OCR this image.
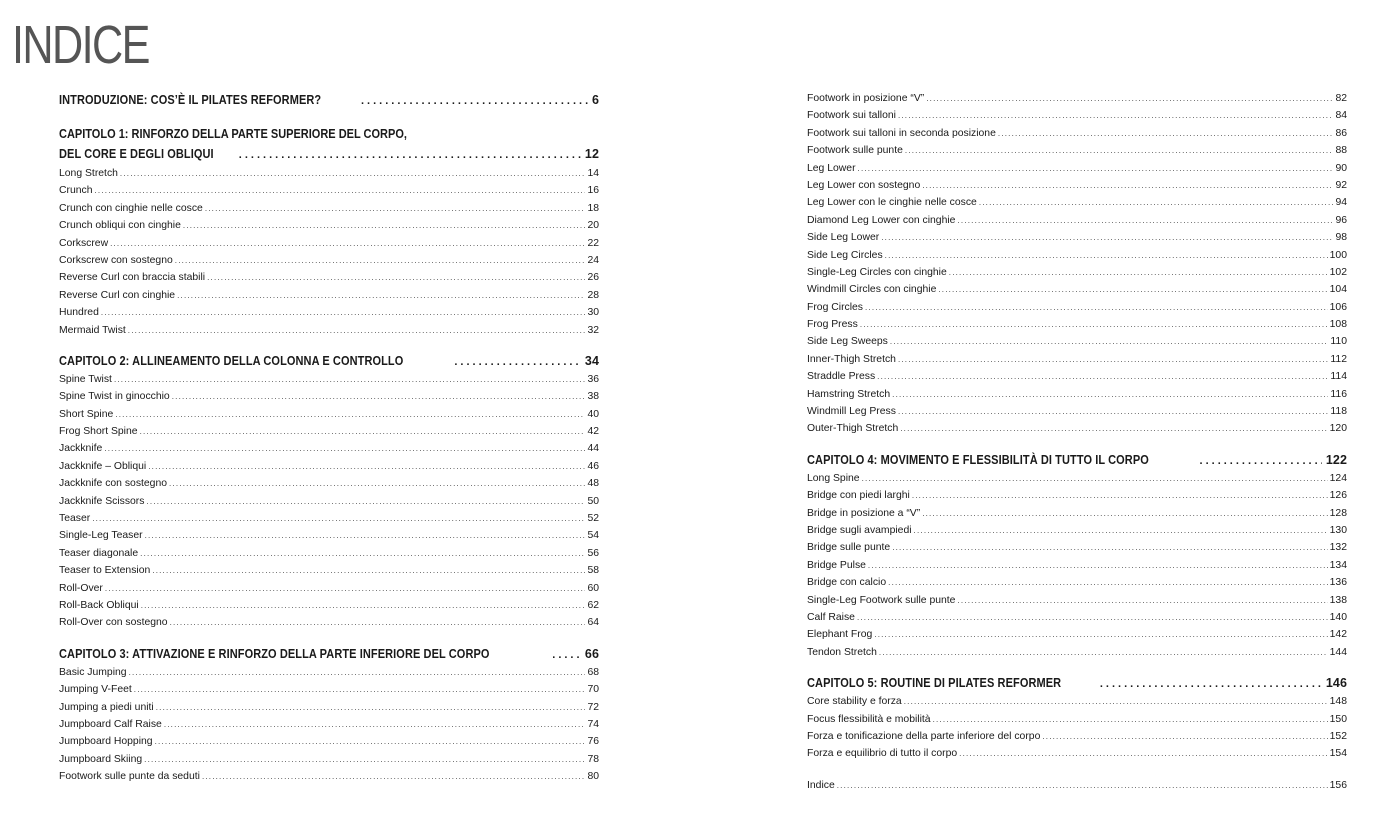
INDICE
INTRODUZIONE: COS’È IL PILATES REFORMER? .....	6
CAPITOLO 1: RINFORZO DELLA PARTE SUPERIORE DEL CORPO,
DEL CORE E DEGLI OBLIQUI .....	12
Long Stretch .....	14
Crunch .....	16
Crunch con cinghie nelle cosce .....	18
Crunch obliqui con cinghie .....	20
Corkscrew .....	22
Corkscrew con sostegno .....	24
Reverse Curl con braccia stabili .....	26
Reverse Curl con cinghie .....	28
Hundred .....	30
Mermaid Twist .....	32
CAPITOLO 2: ALLINEAMENTO DELLA COLONNA E CONTROLLO .....	34
Spine Twist .....	36
Spine Twist in ginocchio .....	38
Short Spine .....	40
Frog Short Spine .....	42
Jackknife .....	44
Jackknife – Obliqui .....	46
Jackknife con sostegno .....	48
Jackknife Scissors .....	50
Teaser .....	52
Single-Leg Teaser .....	54
Teaser diagonale .....	56
Teaser to Extension .....	58
Roll-Over .....	60
Roll-Back Obliqui .....	62
Roll-Over con sostegno .....	64
CAPITOLO 3: ATTIVAZIONE E RINFORZO DELLA PARTE INFERIORE DEL CORPO .....	66
Basic Jumping .....	68
Jumping V-Feet .....	70
Jumping a piedi uniti .....	72
Jumpboard Calf Raise .....	74
Jumpboard Hopping .....	76
Jumpboard Skiing .....	78
Footwork sulle punte da seduti .....	80
Footwork in posizione “V” .....	82
Footwork sui talloni .....	84
Footwork sui talloni in seconda posizione .....	86
Footwork sulle punte .....	88
Leg Lower .....	90
Leg Lower con sostegno .....	92
Leg Lower con le cinghie nelle cosce .....	94
Diamond Leg Lower con cinghie .....	96
Side Leg Lower .....	98
Side Leg Circles .....	100
Single-Leg Circles con cinghie .....	102
Windmill Circles con cinghie .....	104
Frog Circles .....	106
Frog Press .....	108
Side Leg Sweeps .....	110
Inner-Thigh Stretch .....	112
Straddle Press .....	114
Hamstring Stretch .....	116
Windmill Leg Press .....	118
Outer-Thigh Stretch .....	120
CAPITOLO 4: MOVIMENTO E FLESSIBILITÀ DI TUTTO IL CORPO .....	122
Long Spine .....	124
Bridge con piedi larghi .....	126
Bridge in posizione a “V” .....	128
Bridge sugli avampiedi .....	130
Bridge sulle punte .....	132
Bridge Pulse .....	134
Bridge con calcio .....	136
Single-Leg Footwork sulle punte .....	138
Calf Raise .....	140
Elephant Frog .....	142
Tendon Stretch .....	144
CAPITOLO 5: ROUTINE DI PILATES REFORMER .....	146
Core stability e forza .....	148
Focus flessibilità e mobilità .....	150
Forza e tonificazione della parte inferiore del corpo .....	152
Forza e equilibrio di tutto il corpo .....	154
Indice .....	156
